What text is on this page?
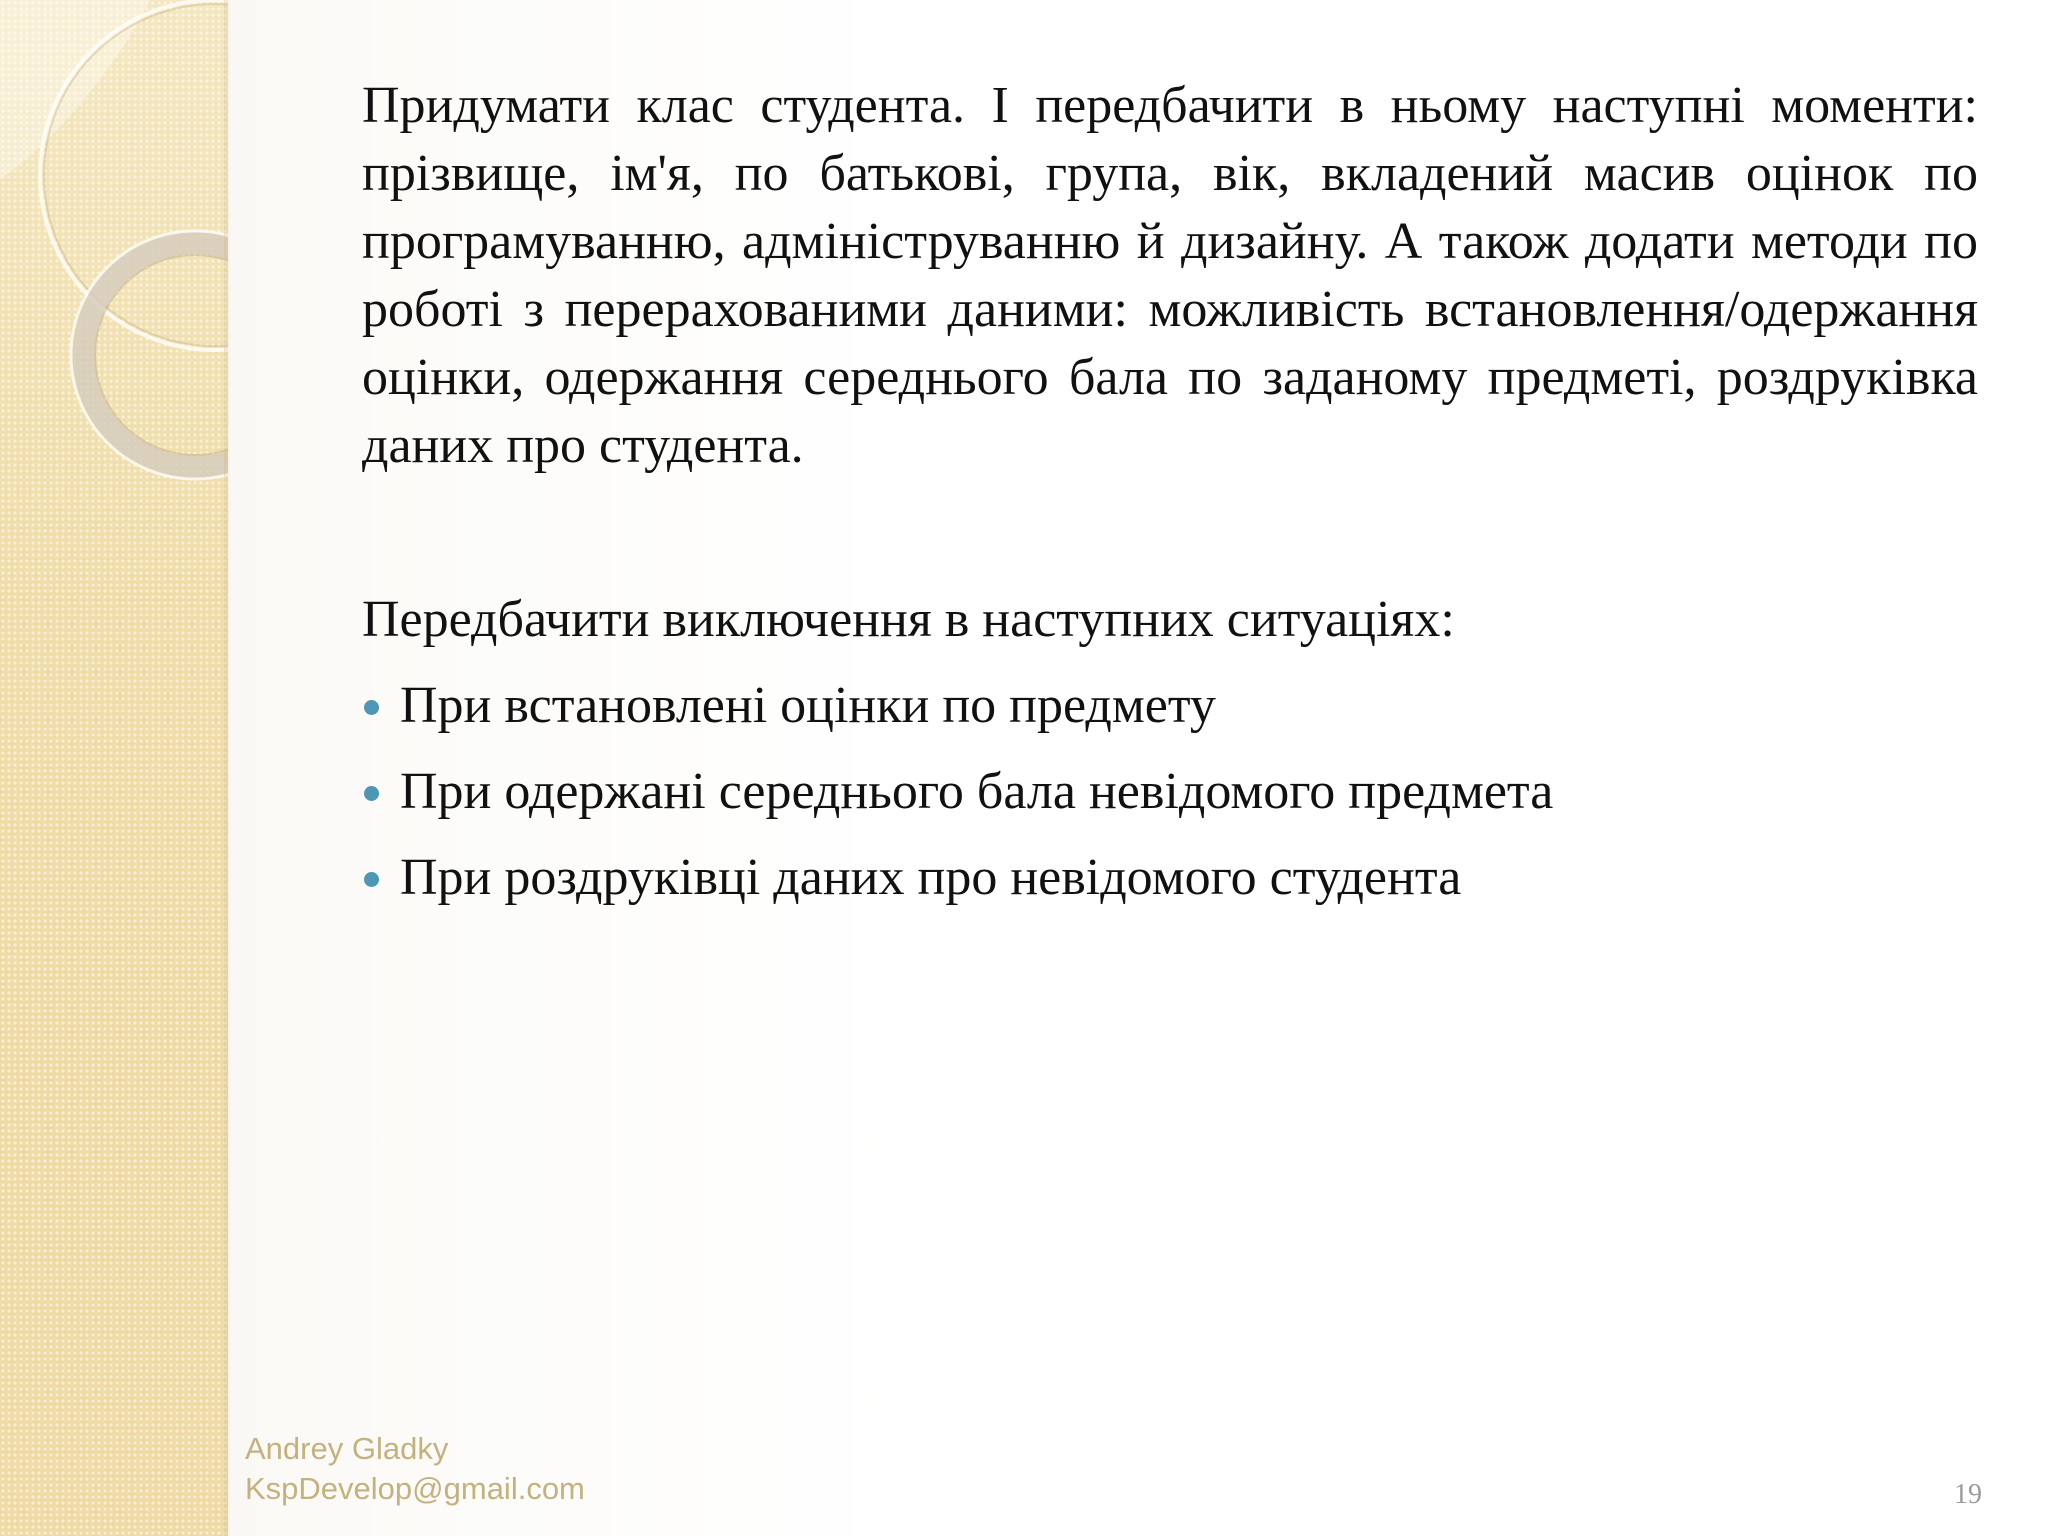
Придумати клас студента. І передбачити в ньому наступні моменти: прізвище, ім'я, по батькові, група, вік, вкладений масив оцінок по програмуванню, адмініструванню й дизайну. А також додати методи по роботі з перерахованими даними: можливість встановлення/одержання оцінки, одержання середнього бала по заданому предметі, роздруківка даних про студента.

Передбачити виключення в наступних ситуаціях:

При встановлені оцінки по предмету
При одержані середнього бала невідомого предмета
При роздруківці даних про невідомого студента
Andrey Gladky
KspDevelop@gmail.com	19
